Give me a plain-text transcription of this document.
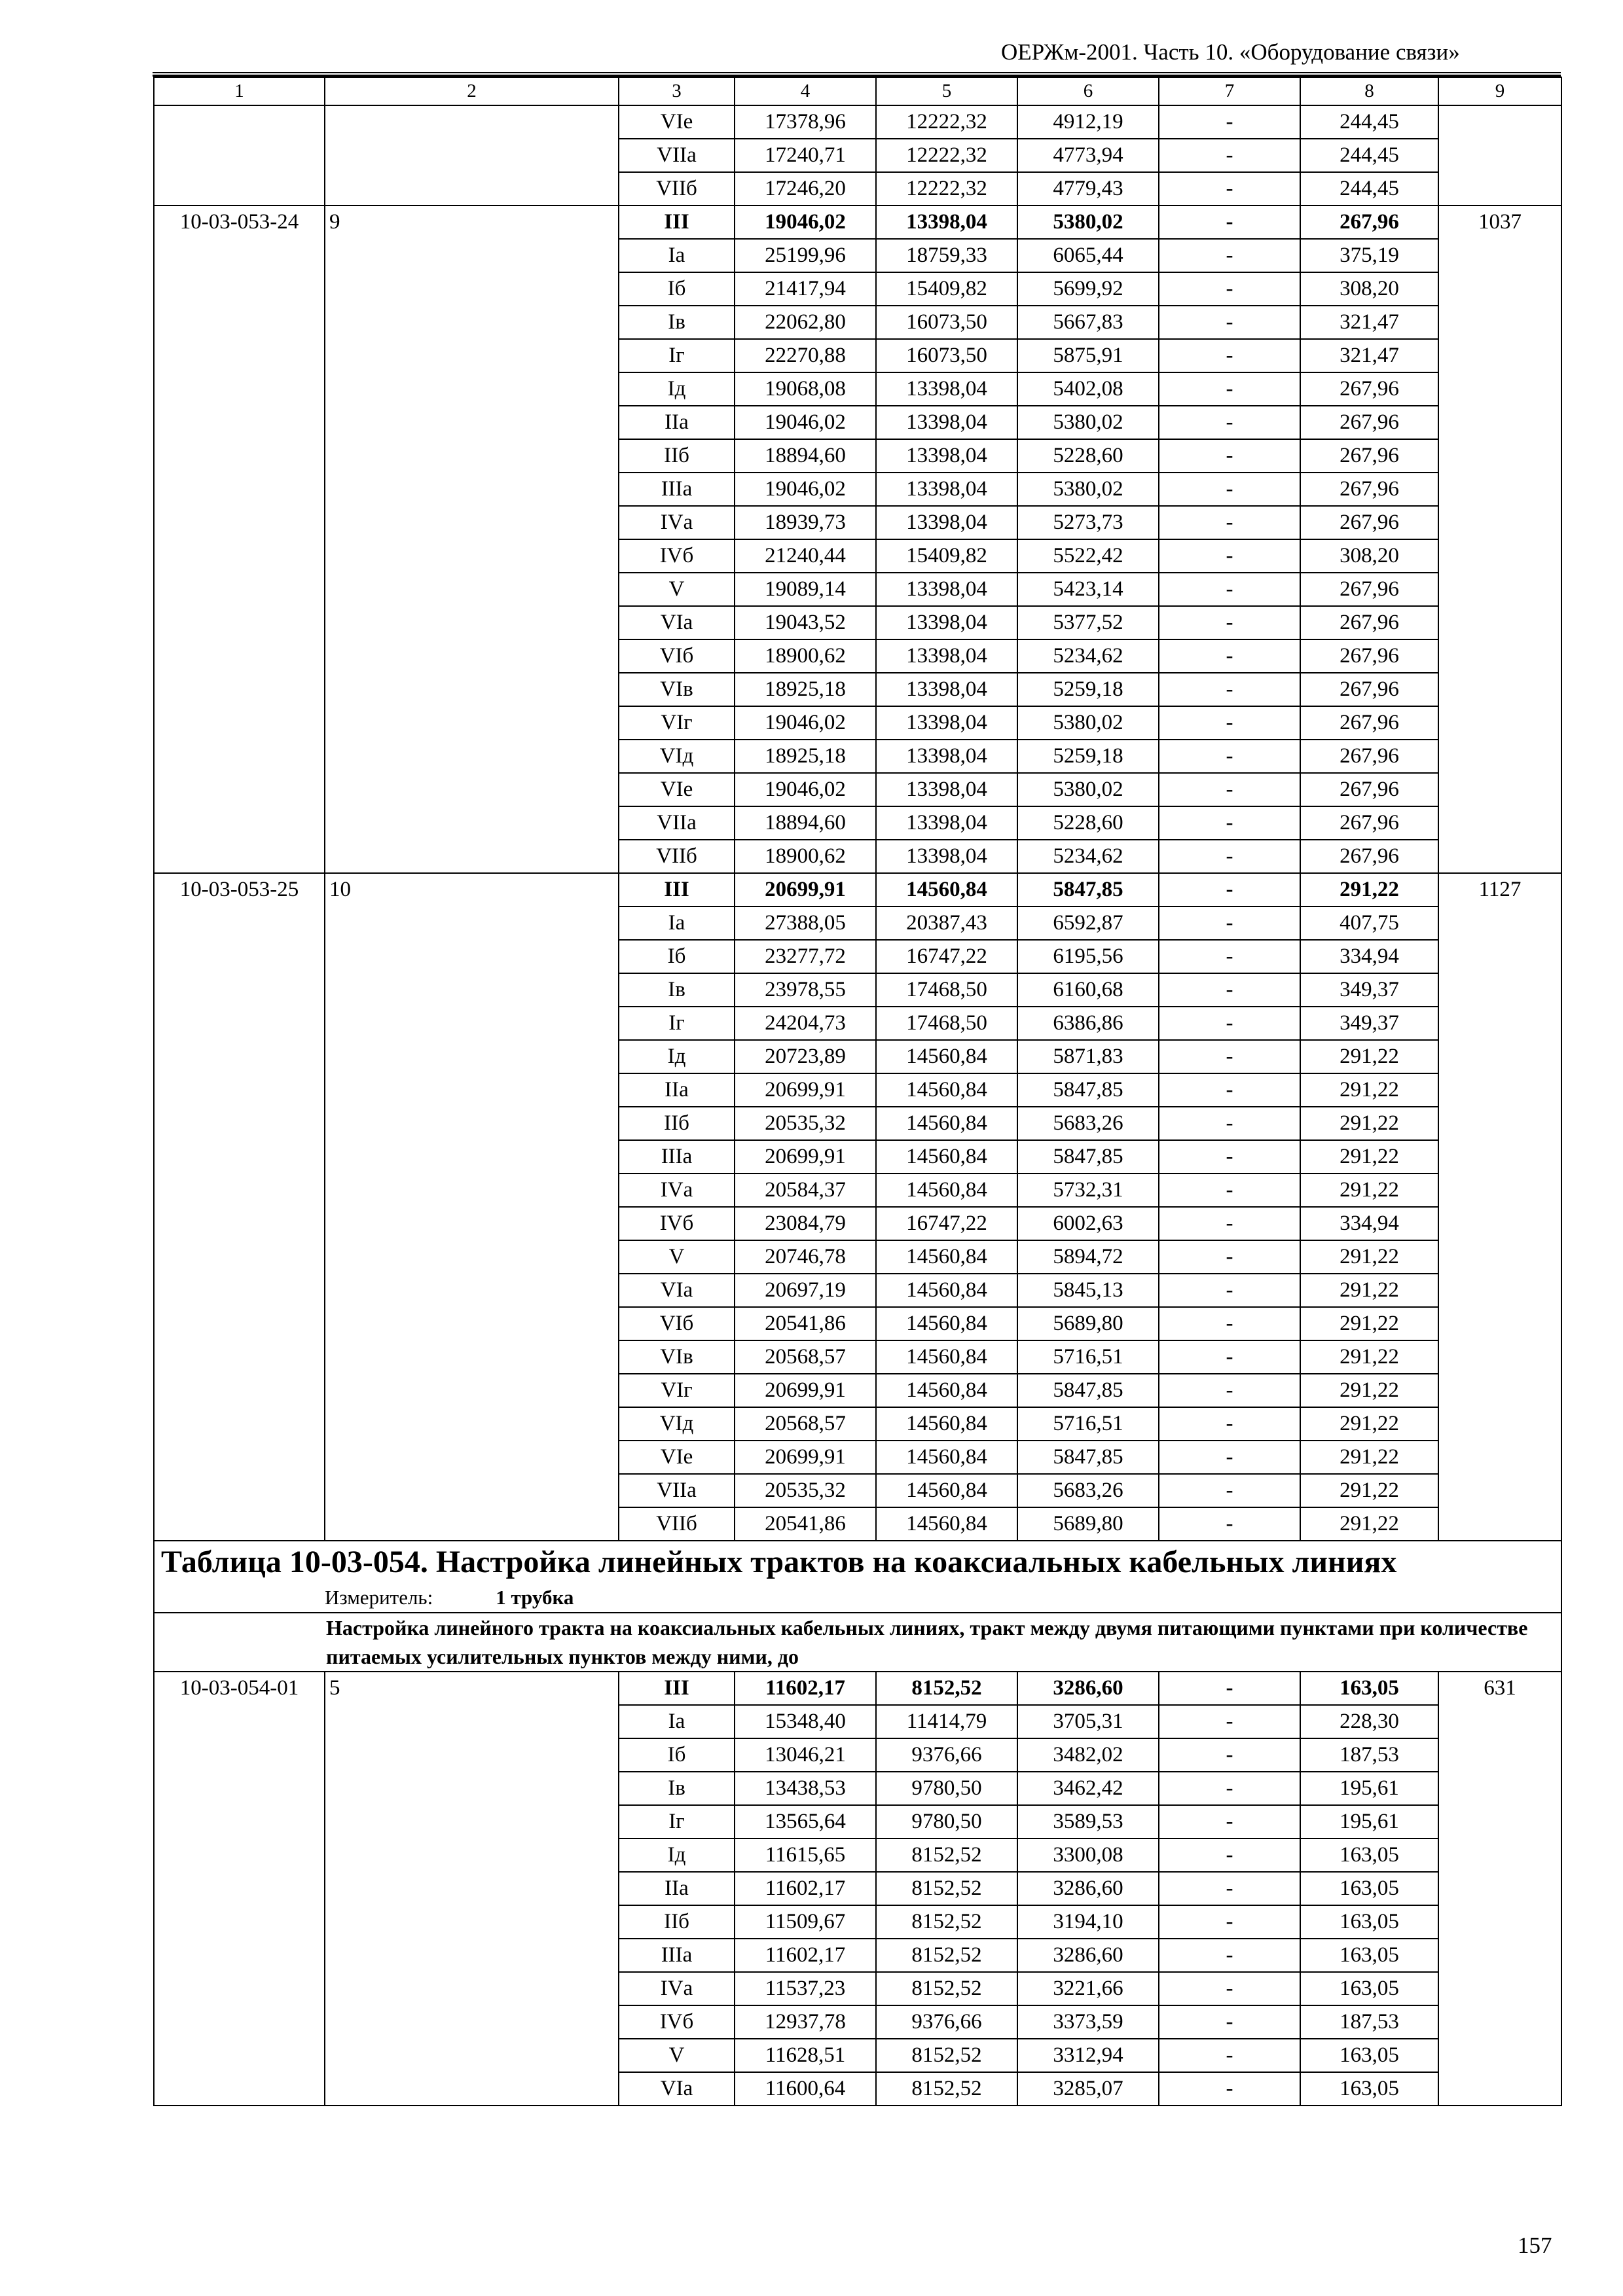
ОЕРЖм-2001. Часть 10. «Оборудование связи»
1	2	3	4	5	6	7	8	9
		VIе	17378,96	12222,32	4912,19	-	244,45	
		VIIа	17240,71	12222,32	4773,94	-	244,45	
		VIIб	17246,20	12222,32	4779,43	-	244,45	
10-03-053-24	9	III	19046,02	13398,04	5380,02	-	267,96	1037
		Iа	25199,96	18759,33	6065,44	-	375,19	
		Iб	21417,94	15409,82	5699,92	-	308,20	
		Iв	22062,80	16073,50	5667,83	-	321,47	
		Iг	22270,88	16073,50	5875,91	-	321,47	
		Iд	19068,08	13398,04	5402,08	-	267,96	
		IIа	19046,02	13398,04	5380,02	-	267,96	
		IIб	18894,60	13398,04	5228,60	-	267,96	
		IIIа	19046,02	13398,04	5380,02	-	267,96	
		IVа	18939,73	13398,04	5273,73	-	267,96	
		IVб	21240,44	15409,82	5522,42	-	308,20	
		V	19089,14	13398,04	5423,14	-	267,96	
		VIа	19043,52	13398,04	5377,52	-	267,96	
		VIб	18900,62	13398,04	5234,62	-	267,96	
		VIв	18925,18	13398,04	5259,18	-	267,96	
		VIг	19046,02	13398,04	5380,02	-	267,96	
		VIд	18925,18	13398,04	5259,18	-	267,96	
		VIе	19046,02	13398,04	5380,02	-	267,96	
		VIIа	18894,60	13398,04	5228,60	-	267,96	
		VIIб	18900,62	13398,04	5234,62	-	267,96	
10-03-053-25	10	III	20699,91	14560,84	5847,85	-	291,22	1127
		Iа	27388,05	20387,43	6592,87	-	407,75	
		Iб	23277,72	16747,22	6195,56	-	334,94	
		Iв	23978,55	17468,50	6160,68	-	349,37	
		Iг	24204,73	17468,50	6386,86	-	349,37	
		Iд	20723,89	14560,84	5871,83	-	291,22	
		IIа	20699,91	14560,84	5847,85	-	291,22	
		IIб	20535,32	14560,84	5683,26	-	291,22	
		IIIа	20699,91	14560,84	5847,85	-	291,22	
		IVа	20584,37	14560,84	5732,31	-	291,22	
		IVб	23084,79	16747,22	6002,63	-	334,94	
		V	20746,78	14560,84	5894,72	-	291,22	
		VIа	20697,19	14560,84	5845,13	-	291,22	
		VIб	20541,86	14560,84	5689,80	-	291,22	
		VIв	20568,57	14560,84	5716,51	-	291,22	
		VIг	20699,91	14560,84	5847,85	-	291,22	
		VIд	20568,57	14560,84	5716,51	-	291,22	
		VIе	20699,91	14560,84	5847,85	-	291,22	
		VIIа	20535,32	14560,84	5683,26	-	291,22	
		VIIб	20541,86	14560,84	5689,80	-	291,22	

Таблица 10-03-054. Настройка линейных трактов на коаксиальных кабельных линиях
Измеритель: 1 трубка								

Настройка линейного тракта на коаксиальных кабельных линиях, тракт между двумя питающими пунктами при количестве питаемых усилительных пунктов между ними, до								
10-03-054-01	5	III	11602,17	8152,52	3286,60	-	163,05	631
		Iа	15348,40	11414,79	3705,31	-	228,30	
		Iб	13046,21	9376,66	3482,02	-	187,53	
		Iв	13438,53	9780,50	3462,42	-	195,61	
		Iг	13565,64	9780,50	3589,53	-	195,61	
		Iд	11615,65	8152,52	3300,08	-	163,05	
		IIа	11602,17	8152,52	3286,60	-	163,05	
		IIб	11509,67	8152,52	3194,10	-	163,05	
		IIIа	11602,17	8152,52	3286,60	-	163,05	
		IVа	11537,23	8152,52	3221,66	-	163,05	
		IVб	12937,78	9376,66	3373,59	-	187,53	
		V	11628,51	8152,52	3312,94	-	163,05	
		VIа	11600,64	8152,52	3285,07	-	163,05	
157
